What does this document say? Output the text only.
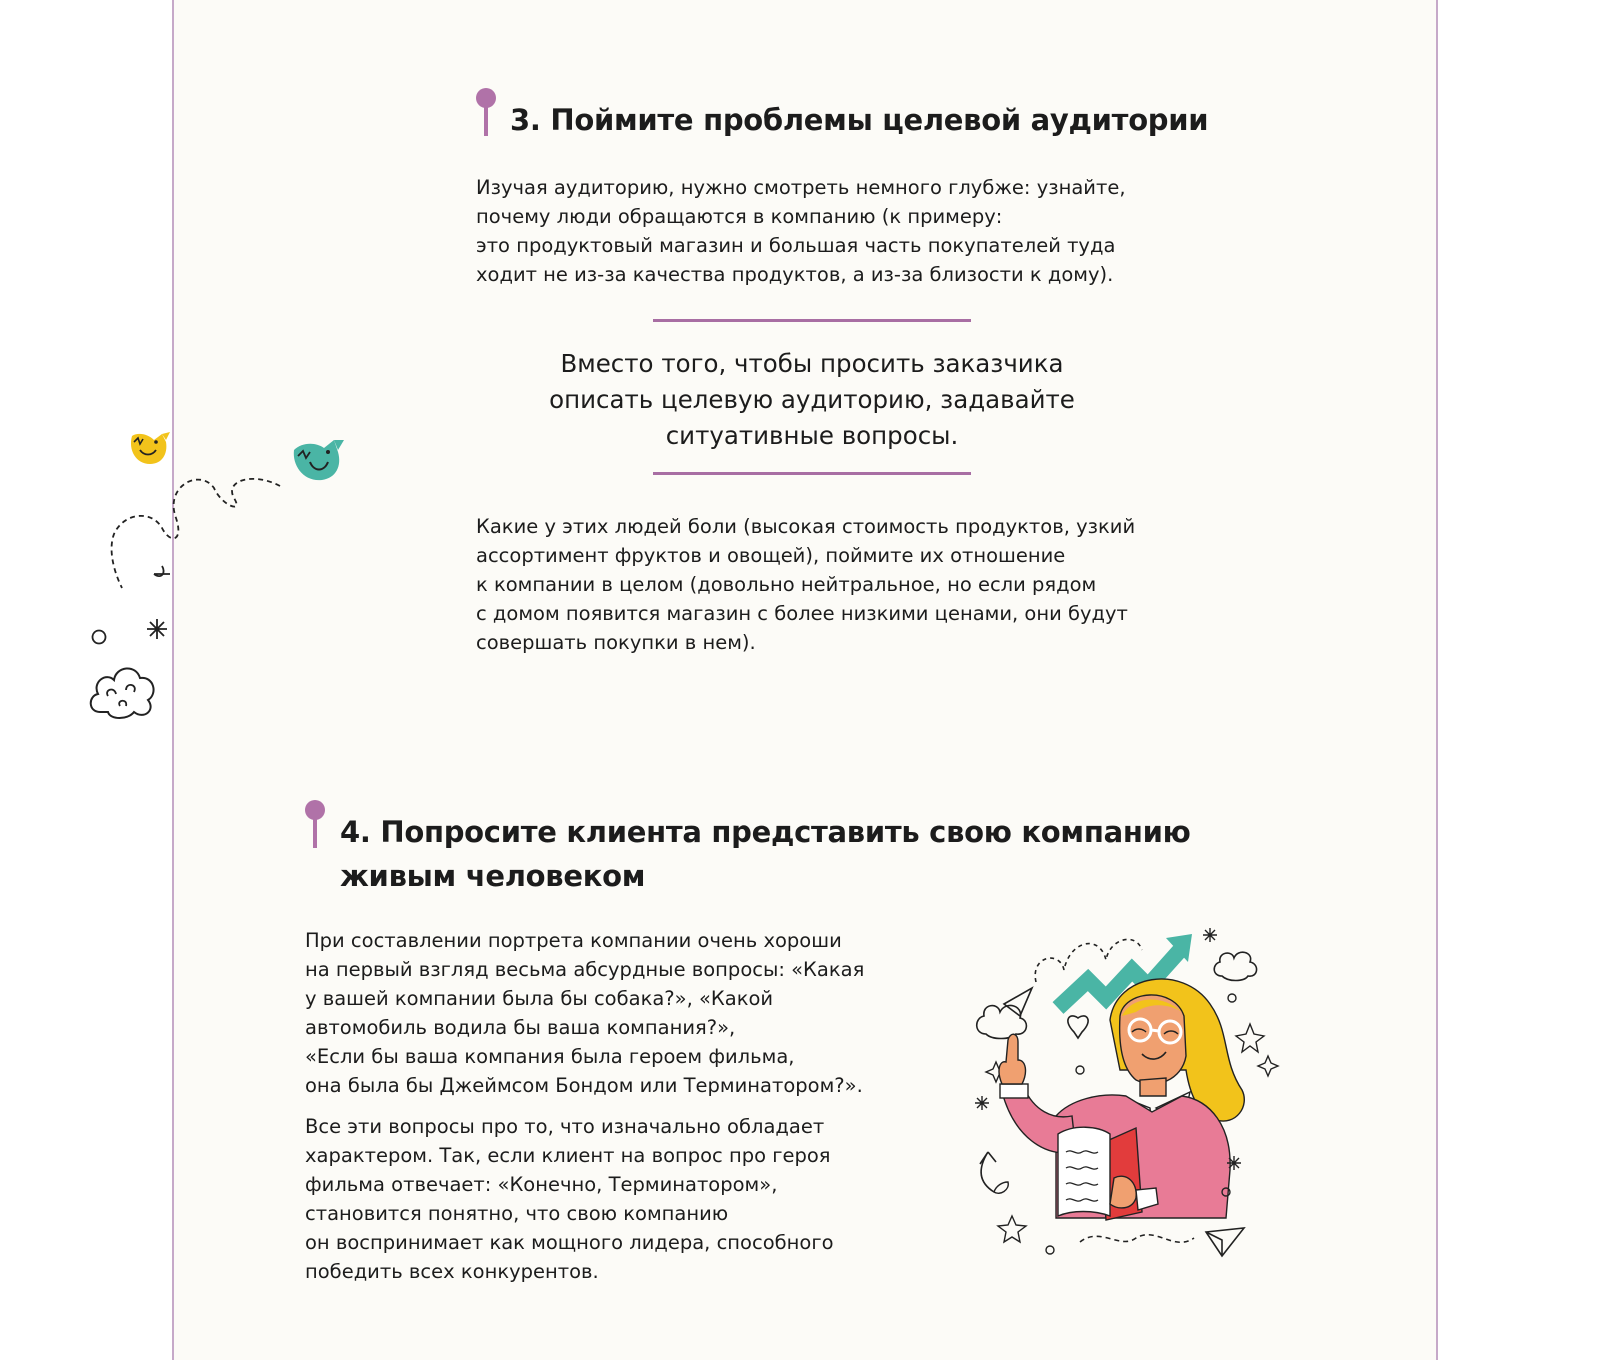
3. Поймите проблемы целевой аудитории

Изучая аудиторию, нужно смотреть немного глубже: узнайте,
почему люди обращаются в компанию (к примеру:
это продуктовый магазин и большая часть покупателей туда
ходит не из-за качества продуктов, а из-за близости к дому).

Вместо того, чтобы просить заказчика
описать целевую аудиторию, задавайте
ситуативные вопросы.

Какие у этих людей боли (высокая стоимость продуктов, узкий
ассортимент фруктов и овощей), поймите их отношение
к компании в целом (довольно нейтральное, но если рядом
с домом появится магазин с более низкими ценами, они будут
совершать покупки в нем).

4. Попросите клиента представить свою компанию
живым человеком

При составлении портрета компании очень хороши
на первый взгляд весьма абсурдные вопросы: «Какая
у вашей компании была бы собака?», «Какой
автомобиль водила бы ваша компания?»,
«Если бы ваша компания была героем фильма,
она была бы Джеймсом Бондом или Терминатором?».

Все эти вопросы про то, что изначально обладает
характером. Так, если клиент на вопрос про героя
фильма отвечает: «Конечно, Терминатором»,
становится понятно, что свою компанию
он воспринимает как мощного лидера, способного
победить всех конкурентов.
